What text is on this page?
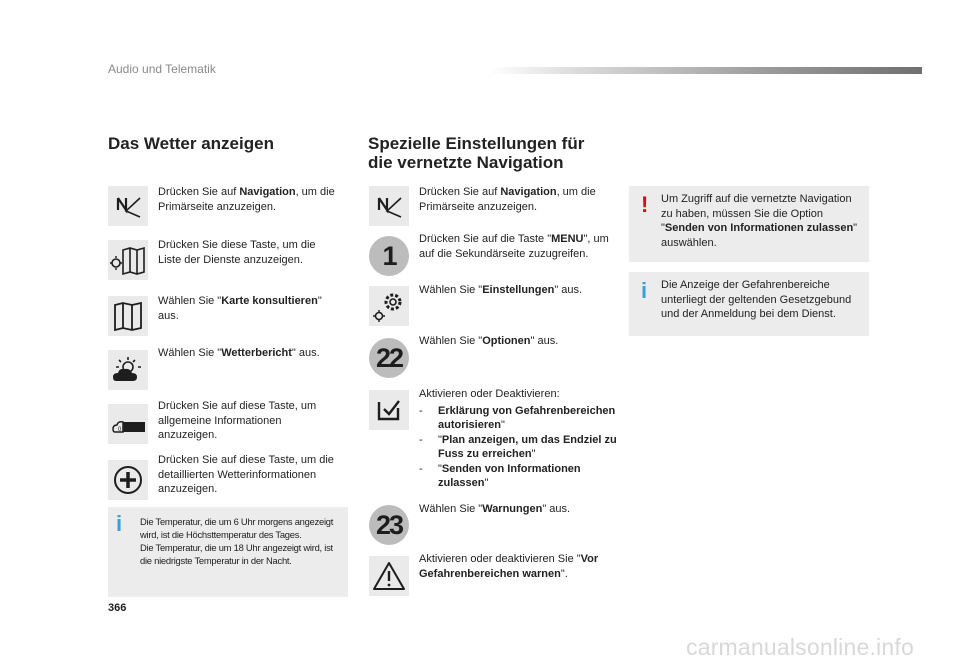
Audio und Telematik
Das Wetter anzeigen
Drücken Sie auf Navigation, um die Primärseite anzuzeigen.
Drücken Sie diese Taste, um die Liste der Dienste anzuzeigen.
Wählen Sie "Karte konsultieren" aus.
Wählen Sie "Wetterbericht" aus.
0
Drücken Sie auf diese Taste, um allgemeine Informationen anzuzeigen.
Drücken Sie auf diese Taste, um die detaillierten Wetterinformationen anzuzeigen.
i Die Temperatur, die um 6 Uhr morgens angezeigt wird, ist die Höchsttemperatur des Tages.
Die Temperatur, die um 18 Uhr angezeigt wird, ist die niedrigste Temperatur in der Nacht.
Spezielle Einstellungen für
die vernetzte Navigation
Drücken Sie auf Navigation, um die Primärseite anzuzeigen.
1
Drücken Sie auf die Taste "MENU", um auf die Sekundärseite zuzugreifen.
Wählen Sie "Einstellungen" aus.
22
Wählen Sie "Optionen" aus.
Aktivieren oder Deaktivieren:
- Erklärung von Gefahrenbereichen autorisieren"
- "Plan anzeigen, um das Endziel zu Fuss zu erreichen"
- "Senden von Informationen zulassen"
23
Wählen Sie "Warnungen" aus.
Aktivieren oder deaktivieren Sie "Vor Gefahrenbereichen warnen".
! Um Zugriff auf die vernetzte Navigation zu haben, müssen Sie die Option "Senden von Informationen zulassen" auswählen.
i Die Anzeige der Gefahrenbereiche unterliegt der geltenden Gesetzgebund und der Anmeldung bei dem Dienst.
366
carmanualsonline.info
